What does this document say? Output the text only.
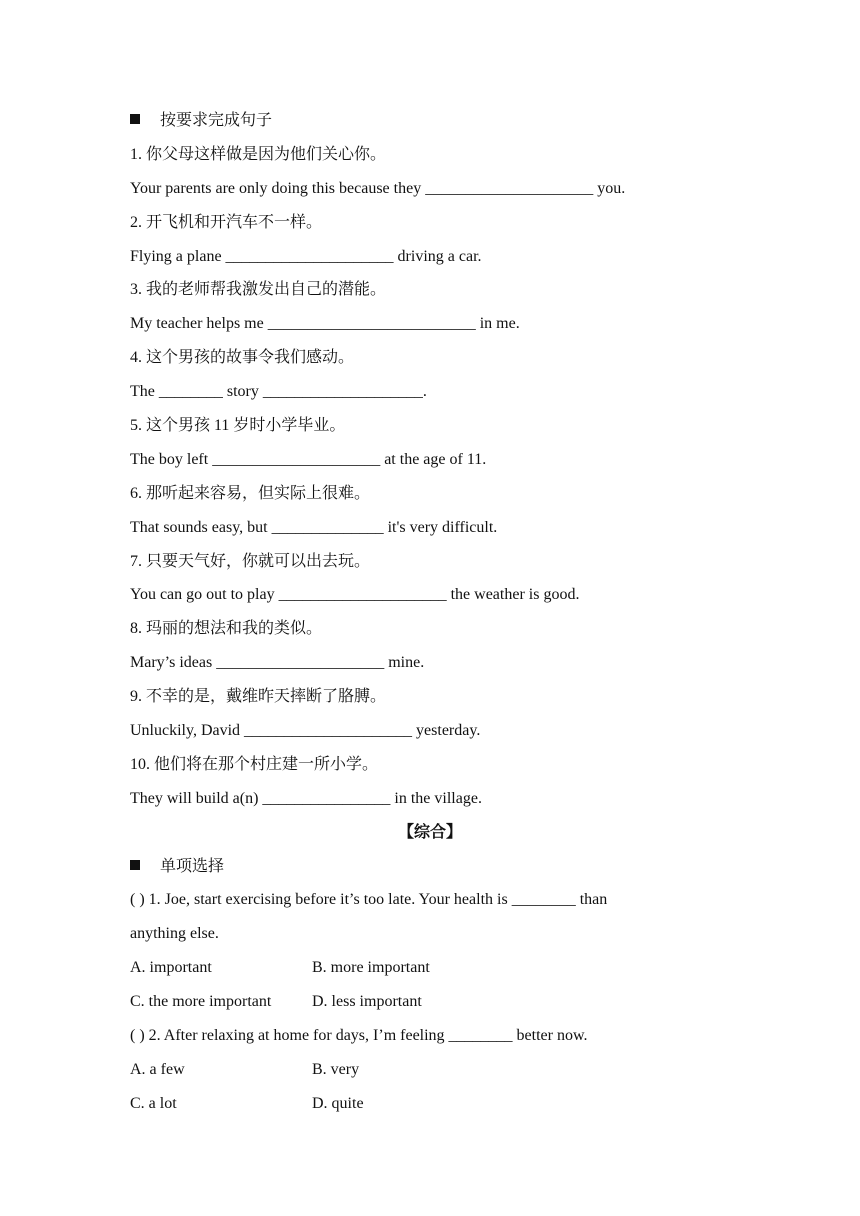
按要求完成句子
1. 你父母这样做是因为他们关心你。
Your parents are only doing this because they _____________________ you.
2. 开飞机和开汽车不一样。
Flying a plane _____________________ driving a car.
3. 我的老师帮我激发出自己的潜能。
My teacher helps me __________________________ in me.
4. 这个男孩的故事令我们感动。
The ________ story ____________________.
5. 这个男孩 11 岁时小学毕业。
The boy left _____________________ at the age of 11.
6. 那听起来容易，但实际上很难。
That sounds easy, but ______________ it's very difficult.
7. 只要天气好，你就可以出去玩。
You can go out to play _____________________ the weather is good.
8. 玛丽的想法和我的类似。
Mary’s ideas _____________________ mine.
9. 不幸的是，戴维昨天摔断了胳膊。
Unluckily, David _____________________ yesterday.
10. 他们将在那个村庄建一所小学。
They will build a(n) ________________ in the village.
【综合】
单项选择
( ) 1. Joe, start exercising before it’s too late. Your health is ________ than
anything else.
A. important	B. more important
C. the more important	D. less important
( ) 2. After relaxing at home for days, I’m feeling ________ better now.
A. a few	B. very
C. a lot	D. quite
